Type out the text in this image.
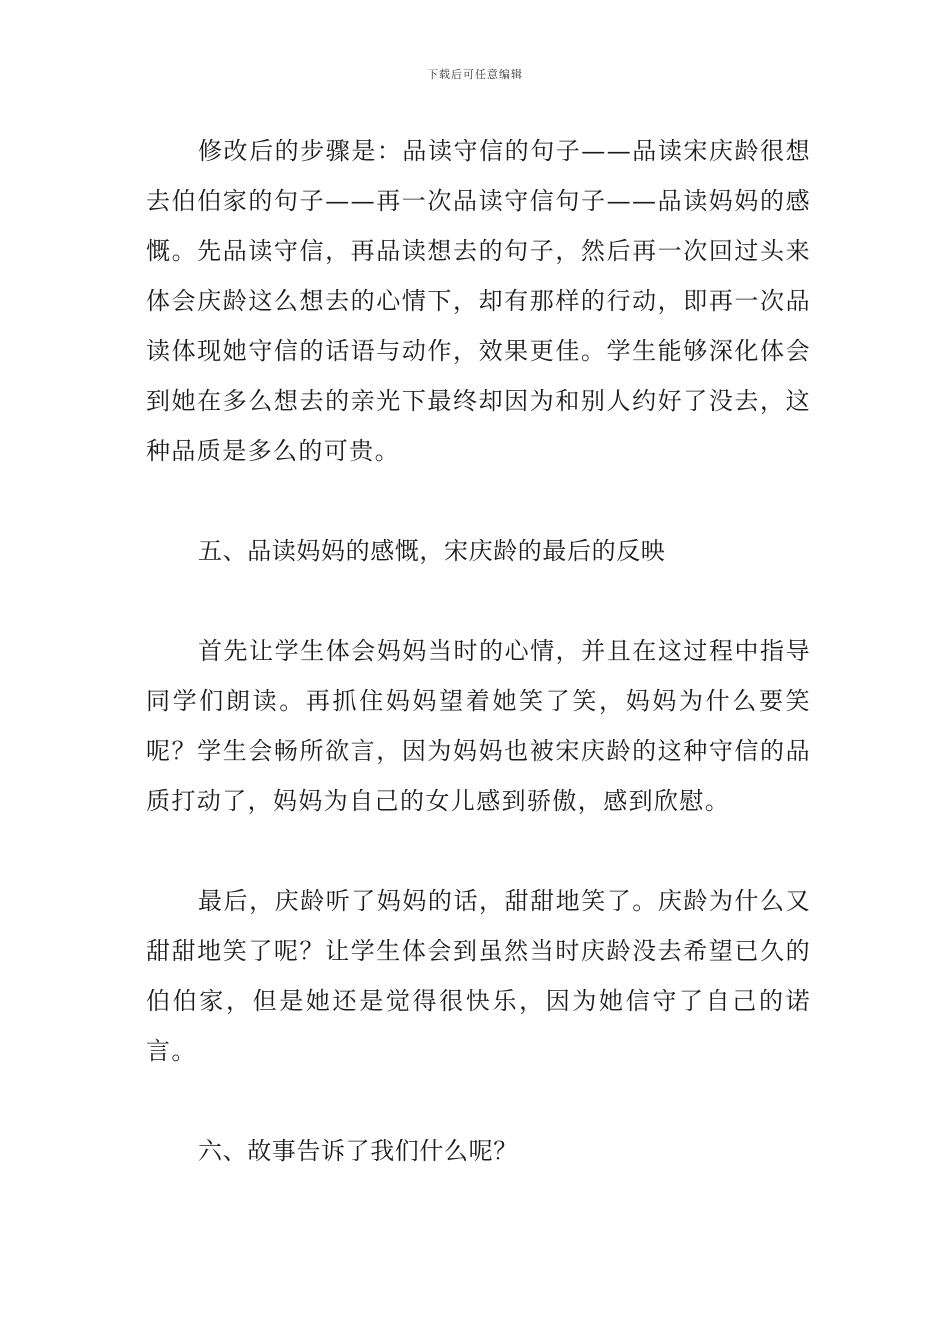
下载后可任意编辑

修改后的步骤是：品读守信的句子——品读宋庆龄很想去伯伯家的句子——再一次品读守信句子——品读妈妈的感慨。先品读守信，再品读想去的句子，然后再一次回过头来体会庆龄这么想去的心情下，却有那样的行动，即再一次品读体现她守信的话语与动作，效果更佳。学生能够深化体会到她在多么想去的亲光下最终却因为和别人约好了没去，这种品质是多么的可贵。

五、品读妈妈的感慨，宋庆龄的最后的反映

首先让学生体会妈妈当时的心情，并且在这过程中指导同学们朗读。再抓住妈妈望着她笑了笑，妈妈为什么要笑呢？学生会畅所欲言，因为妈妈也被宋庆龄的这种守信的品质打动了，妈妈为自己的女儿感到骄傲，感到欣慰。

最后，庆龄听了妈妈的话，甜甜地笑了。庆龄为什么又甜甜地笑了呢？让学生体会到虽然当时庆龄没去希望已久的伯伯家，但是她还是觉得很快乐，因为她信守了自己的诺言。

六、故事告诉了我们什么呢？
